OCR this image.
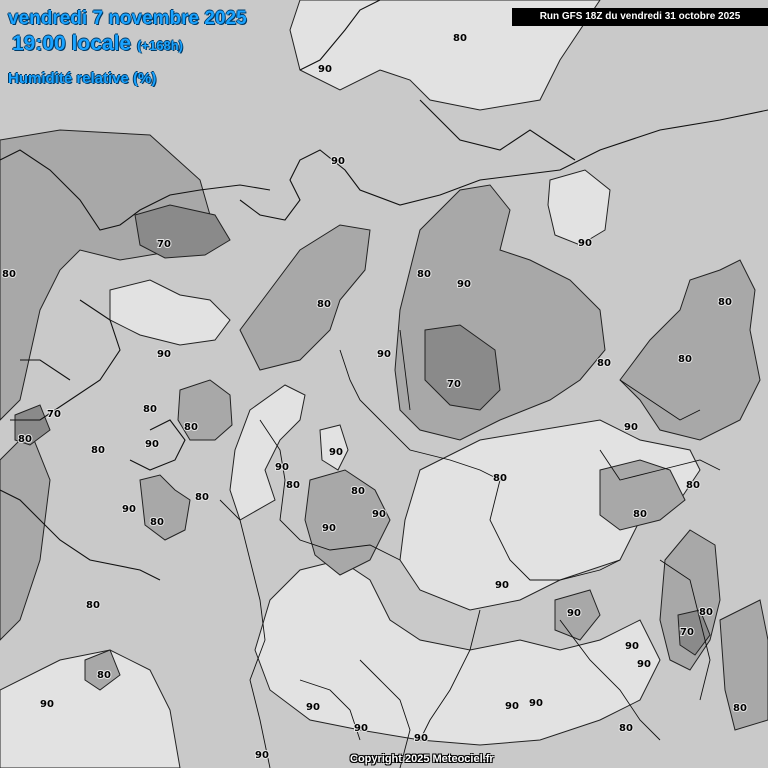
80
90
90
70
80	80
90
90
80	80
90
80	80
70
70	80
80
80	90
80
90
90
80
90
80
90
90
80
80
90
80
80
90
80
90
80
90
90
80
70
80
90
90	90	80
90
90
80
90
90
90
vendredi 7 novembre 2025
19:00 locale (+168h)
Humidité relative (%)
Run GFS 18Z du vendredi 31 octobre 2025
Copyright 2025 Meteociel.fr
